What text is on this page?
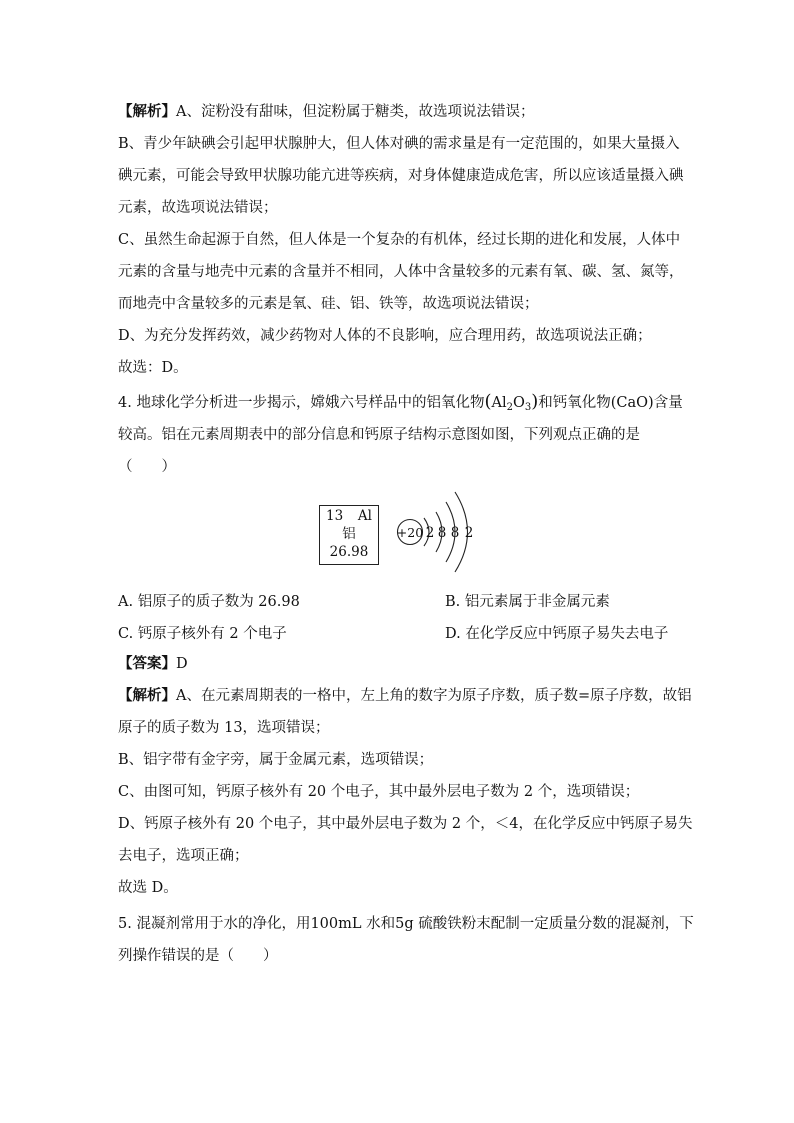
【解析】A、淀粉没有甜味，但淀粉属于糖类，故选项说法错误；
B、青少年缺碘会引起甲状腺肿大，但人体对碘的需求量是有一定范围的，如果大量摄入
碘元素，可能会导致甲状腺功能亢进等疾病，对身体健康造成危害，所以应该适量摄入碘
元素，故选项说法错误；
C、虽然生命起源于自然，但人体是一个复杂的有机体，经过长期的进化和发展，人体中
元素的含量与地壳中元素的含量并不相同，人体中含量较多的元素有氧、碳、氢、氮等，
而地壳中含量较多的元素是氧、硅、铝、铁等，故选项说法错误；
D、为充分发挥药效，减少药物对人体的不良影响，应合理用药，故选项说法正确；
故选：D。
4. 地球化学分析进一步揭示，嫦娥六号样品中的铝氧化物$(Al_2O_3)$和钙氧化物(CaO)含量
较高。铝在元素周期表中的部分信息和钙原子结构示意图如图，下列观点正确的是
（　　）
13 Al
铝
26.98
+20 2 8 8 2
A. 铝原子的质子数为 26.98	B. 铝元素属于非金属元素
C. 钙原子核外有 2 个电子	D. 在化学反应中钙原子易失去电子
【答案】D
【解析】A、在元素周期表的一格中，左上角的数字为原子序数，质子数=原子序数，故铝
原子的质子数为 13，选项错误；
B、铝字带有金字旁，属于金属元素，选项错误；
C、由图可知，钙原子核外有 20 个电子，其中最外层电子数为 2 个，选项错误；
D、钙原子核外有 20 个电子，其中最外层电子数为 2 个，＜4，在化学反应中钙原子易失
去电子，选项正确；
故选 D。
5. 混凝剂常用于水的净化，用100mL 水和5g 硫酸铁粉末配制一定质量分数的混凝剂，下
列操作错误的是（　　）
